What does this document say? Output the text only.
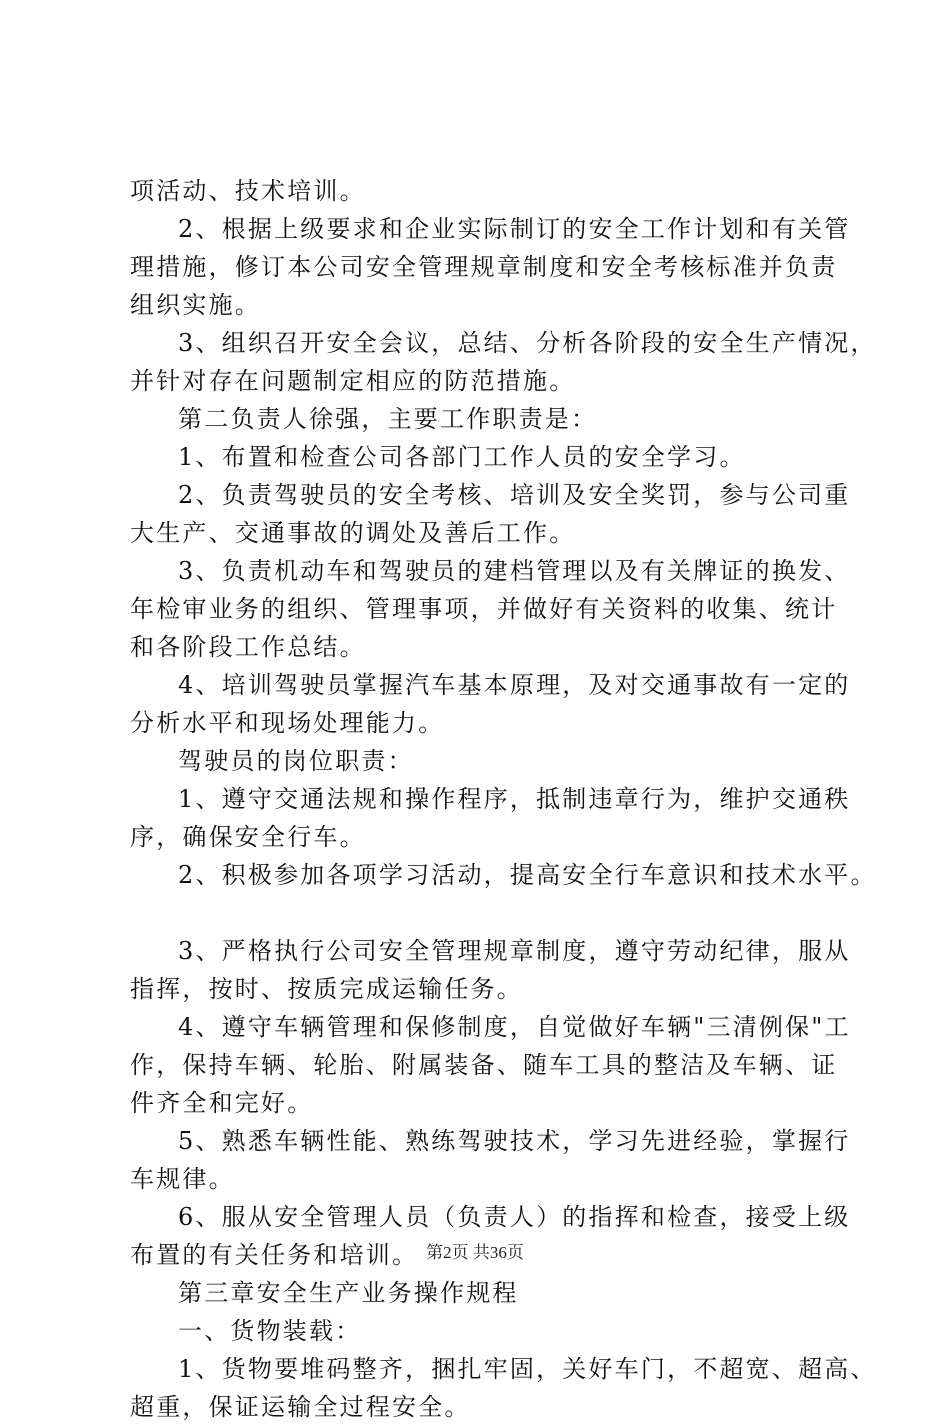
项活动、技术培训。
2、根据上级要求和企业实际制订的安全工作计划和有关管
理措施，修订本公司安全管理规章制度和安全考核标准并负责
组织实施。
3、组织召开安全会议，总结、分析各阶段的安全生产情况，
并针对存在问题制定相应的防范措施。
第二负责人徐强，主要工作职责是：
1、布置和检查公司各部门工作人员的安全学习。
2、负责驾驶员的安全考核、培训及安全奖罚，参与公司重
大生产、交通事故的调处及善后工作。
3、负责机动车和驾驶员的建档管理以及有关牌证的换发、
年检审业务的组织、管理事项，并做好有关资料的收集、统计
和各阶段工作总结。
4、培训驾驶员掌握汽车基本原理，及对交通事故有一定的
分析水平和现场处理能力。
驾驶员的岗位职责：
1、遵守交通法规和操作程序，抵制违章行为，维护交通秩
序，确保安全行车。
2、积极参加各项学习活动，提高安全行车意识和技术水平。
3、严格执行公司安全管理规章制度，遵守劳动纪律，服从
指挥，按时、按质完成运输任务。
4、遵守车辆管理和保修制度，自觉做好车辆"三清例保"工
作，保持车辆、轮胎、附属装备、随车工具的整洁及车辆、证
件齐全和完好。
5、熟悉车辆性能、熟练驾驶技术，学习先进经验，掌握行
车规律。
6、服从安全管理人员（负责人）的指挥和检查，接受上级
布置的有关任务和培训。
第三章安全生产业务操作规程
一、货物装载：
1、货物要堆码整齐，捆扎牢固，关好车门，不超宽、超高、
超重，保证运输全过程安全。
第2页 共36页
